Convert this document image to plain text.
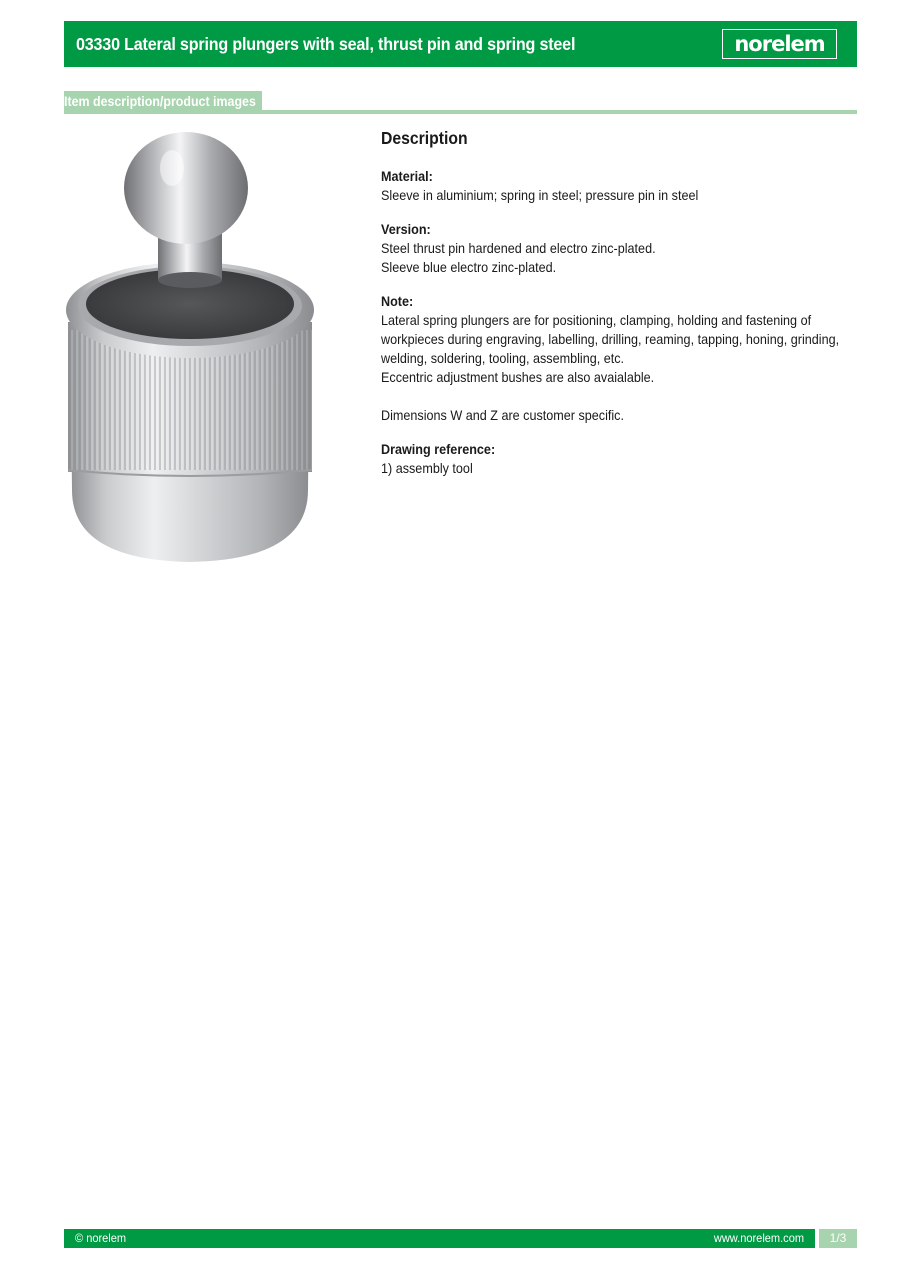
03330 Lateral spring plungers with seal, thrust pin and spring steel	norelem
Item description/product images
Description
Material:

Sleeve in aluminium; spring in steel; pressure pin in steel

Version:

Steel thrust pin hardened and electro zinc-plated.

Sleeve blue electro zinc-plated.

Note:

Lateral spring plungers are for positioning, clamping, holding and fastening of

workpieces during engraving, labelling, drilling, reaming, tapping, honing, grinding,

welding, soldering, tooling, assembling, etc.

Eccentric adjustment bushes are also avaialable.

Dimensions W and Z are customer specific.

Drawing reference:

1) assembly tool

© norelem	www.norelem.com	1/3
